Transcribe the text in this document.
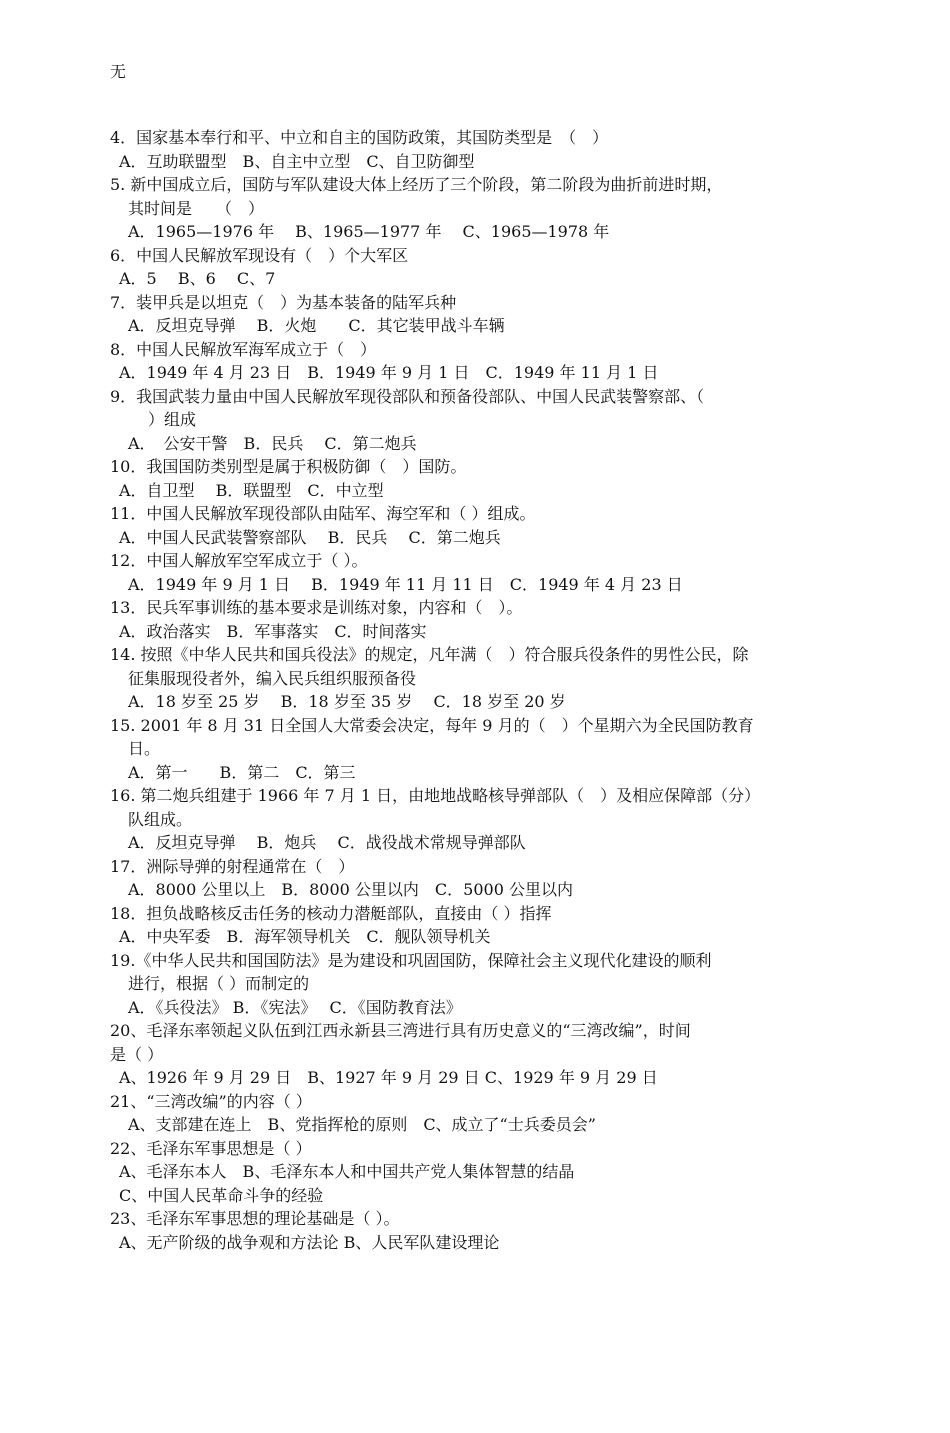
无
4．国家基本奉行和平、中立和自主的国防政策，其国防类型是　（　）
A．互助联盟型　B、自主中立型　C、自卫防御型
5. 新中国成立后，国防与军队建设大体上经历了三个阶段，第二阶段为曲折前进时期，
其时间是　　（　）
A．1965—1976 年　 B、1965—1977 年　 C、1965—1978 年
6．中国人民解放军现设有（　）个大军区
A．5　 B、6　 C、7
7．装甲兵是以坦克（　）为基本装备的陆军兵种
A．反坦克导弹　 B．火炮　　C．其它装甲战斗车辆
8．中国人民解放军海军成立于（　）
A．1949 年 4 月 23 日　B．1949 年 9 月 1 日　C．1949 年 11 月 1 日
9．我国武装力量由中国人民解放军现役部队和预备役部队、中国人民武装警察部、（
）组成
A．　公安干警　B．民兵　 C．第二炮兵
10．我国国防类别型是属于积极防御（　）国防。
A．自卫型　 B．联盟型　C．中立型
11．中国人民解放军现役部队由陆军、海空军和（ ）组成。
A．中国人民武装警察部队　 B．民兵　 C．第二炮兵
12．中国人解放军空军成立于（ ）。
A．1949 年 9 月 1 日　 B．1949 年 11 月 11 日　C．1949 年 4 月 23 日
13．民兵军事训练的基本要求是训练对象，内容和（　）。
A．政治落实　B．军事落实　C．时间落实
14. 按照《中华人民共和国兵役法》的规定，凡年满（　）符合服兵役条件的男性公民，除
征集服现役者外，编入民兵组织服预备役
A．18 岁至 25 岁　 B．18 岁至 35 岁　 C．18 岁至 20 岁
15. 2001 年 8 月 31 日全国人大常委会决定，每年 9 月的（　）个星期六为全民国防教育
日。
A．第一　　B．第二　C．第三
16. 第二炮兵组建于 1966 年 7 月 1 日，由地地战略核导弹部队（　）及相应保障部（分）
队组成。
A．反坦克导弹　 B．炮兵　 C．战役战术常规导弹部队
17．洲际导弹的射程通常在（　）
A．8000 公里以上　B．8000 公里以内　C．5000 公里以内
18．担负战略核反击任务的核动力潜艇部队，直接由（ ）指挥
A．中央军委　B．海军领导机关　C．舰队领导机关
19.《中华人民共和国国防法》是为建设和巩固国防，保障社会主义现代化建设的顺利
进行，根据（ ）而制定的
A．《兵役法》 B．《宪法》　 C．《国防教育法》
20、毛泽东率领起义队伍到江西永新县三湾进行具有历史意义的“三湾改编”，时间
是（ ）
A、1926 年 9 月 29 日　B、1927 年 9 月 29 日 C、1929 年 9 月 29 日
21、“三湾改编”的内容（ ）
A、支部建在连上　B、党指挥枪的原则　C、成立了“士兵委员会”
22、毛泽东军事思想是（ ）
A、毛泽东本人　B、毛泽东本人和中国共产党人集体智慧的结晶
C、中国人民革命斗争的经验
23、毛泽东军事思想的理论基础是（ ）。
A、无产阶级的战争观和方法论 B、人民军队建设理论
